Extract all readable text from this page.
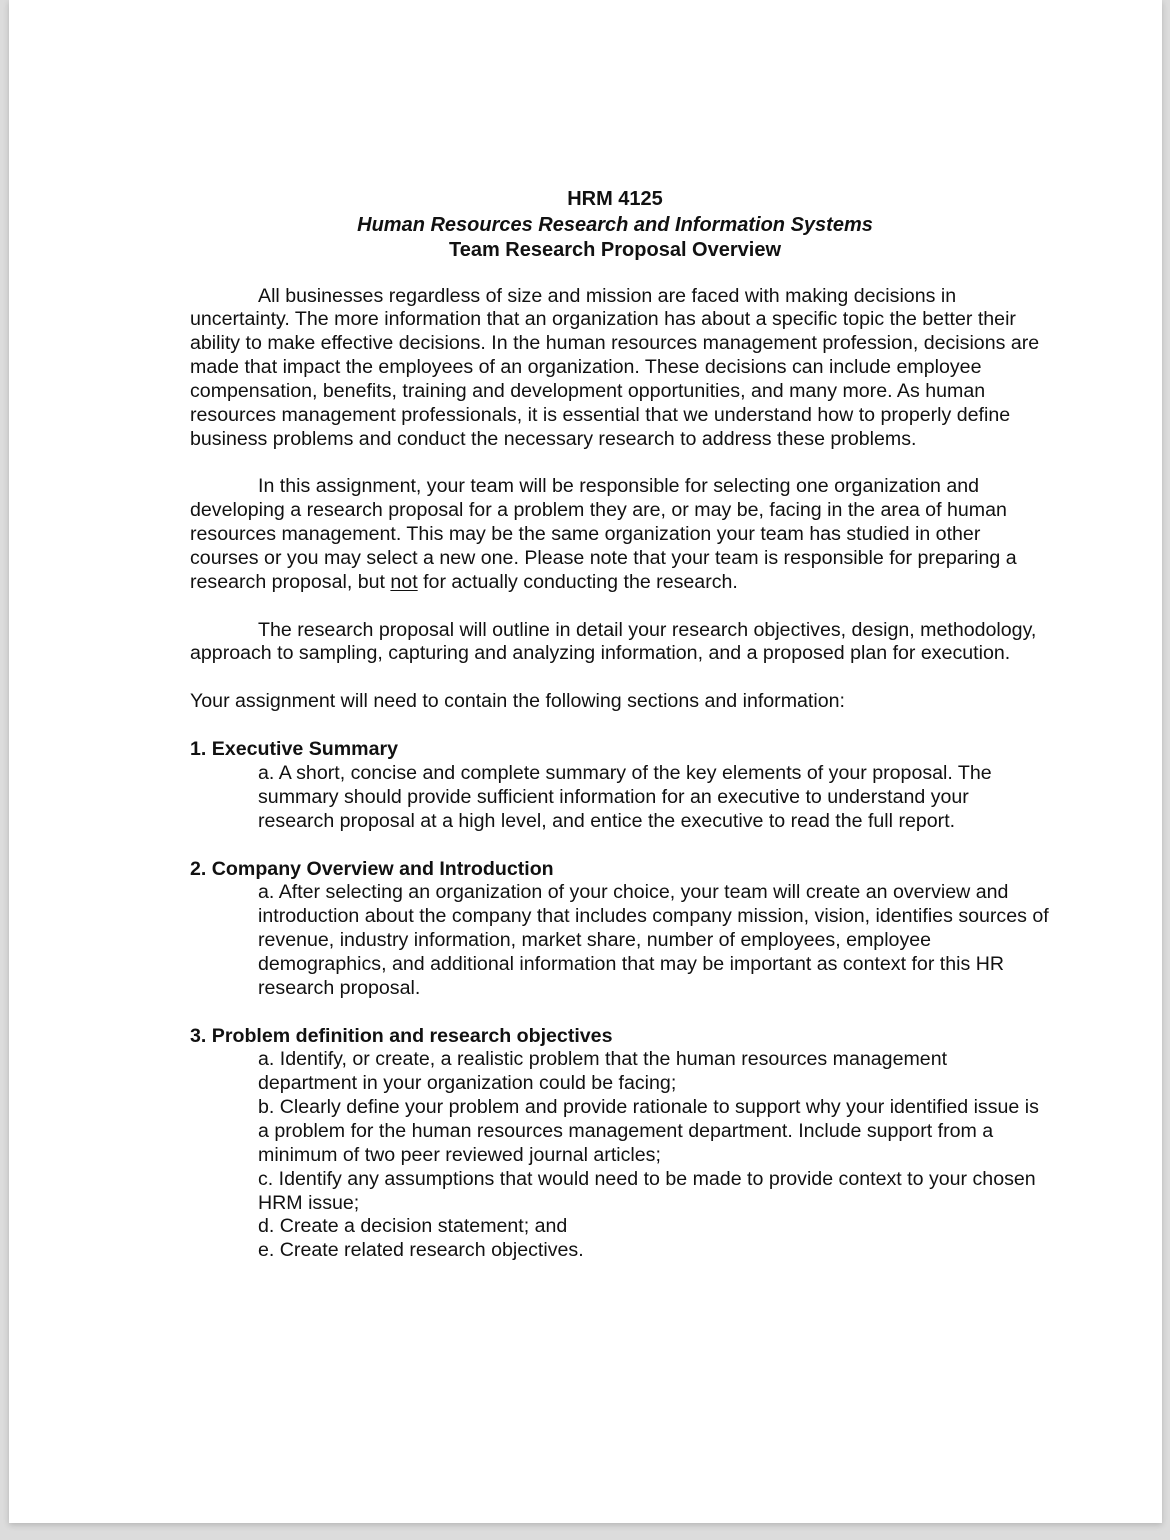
HRM 4125
Human Resources Research and Information Systems
Team Research Proposal Overview

All businesses regardless of size and mission are faced with making decisions in uncertainty. The more information that an organization has about a specific topic the better their ability to make effective decisions. In the human resources management profession, decisions are made that impact the employees of an organization. These decisions can include employee compensation, benefits, training and development opportunities, and many more. As human resources management professionals, it is essential that we understand how to properly define business problems and conduct the necessary research to address these problems.

In this assignment, your team will be responsible for selecting one organization and developing a research proposal for a problem they are, or may be, facing in the area of human resources management. This may be the same organization your team has studied in other courses or you may select a new one. Please note that your team is responsible for preparing a research proposal, but not for actually conducting the research.

The research proposal will outline in detail your research objectives, design, methodology, approach to sampling, capturing and analyzing information, and a proposed plan for execution.

Your assignment will need to contain the following sections and information:

1. Executive Summary
a. A short, concise and complete summary of the key elements of your proposal. The summary should provide sufficient information for an executive to understand your research proposal at a high level, and entice the executive to read the full report.
2. Company Overview and Introduction
a. After selecting an organization of your choice, your team will create an overview and introduction about the company that includes company mission, vision, identifies sources of revenue, industry information, market share, number of employees, employee demographics, and additional information that may be important as context for this HR research proposal.
3. Problem definition and research objectives
a. Identify, or create, a realistic problem that the human resources management department in your organization could be facing;
b. Clearly define your problem and provide rationale to support why your identified issue is a problem for the human resources management department. Include support from a minimum of two peer reviewed journal articles;
c. Identify any assumptions that would need to be made to provide context to your chosen HRM issue;
d. Create a decision statement; and
e. Create related research objectives.
